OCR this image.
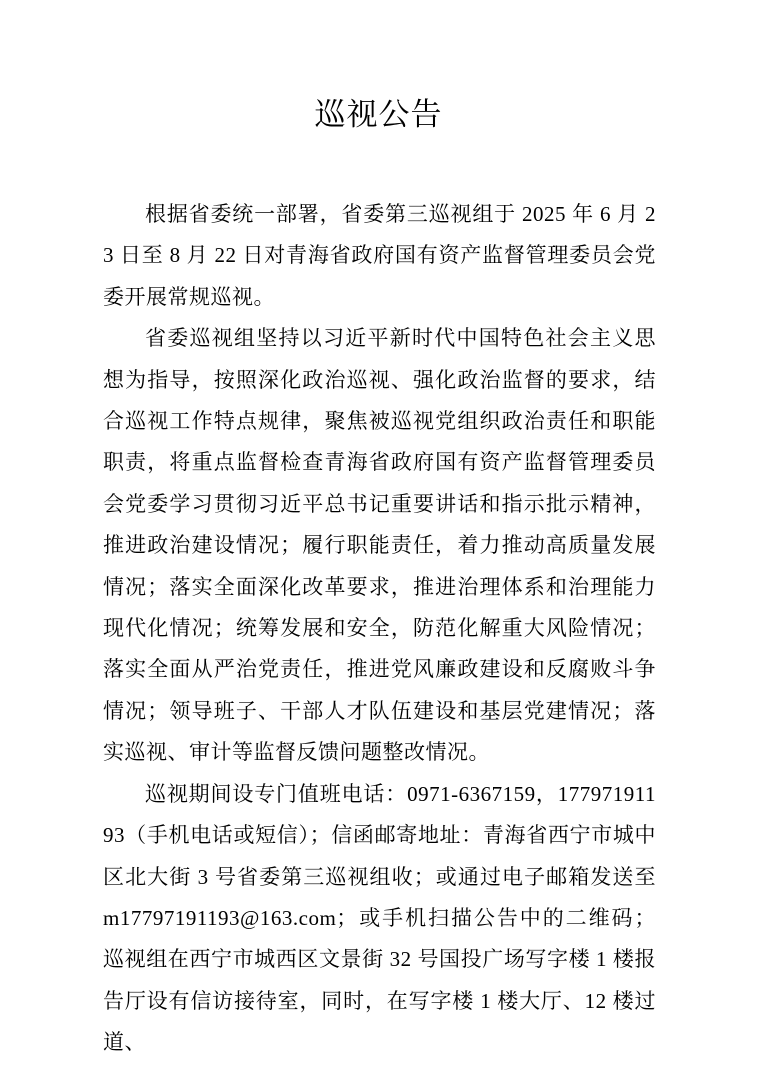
巡视公告

根据省委统一部署，省委第三巡视组于 2025 年 6 月 23 日至 8 月 22 日对青海省政府国有资产监督管理委员会党委开展常规巡视。

省委巡视组坚持以习近平新时代中国特色社会主义思想为指导，按照深化政治巡视、强化政治监督的要求，结合巡视工作特点规律，聚焦被巡视党组织政治责任和职能职责，将重点监督检查青海省政府国有资产监督管理委员会党委学习贯彻习近平总书记重要讲话和指示批示精神，推进政治建设情况；履行职能责任，着力推动高质量发展情况；落实全面深化改革要求，推进治理体系和治理能力现代化情况；统筹发展和安全，防范化解重大风险情况；落实全面从严治党责任，推进党风廉政建设和反腐败斗争情况；领导班子、干部人才队伍建设和基层党建情况；落实巡视、审计等监督反馈问题整改情况。

巡视期间设专门值班电话：0971-6367159，17797191193（手机电话或短信）；信函邮寄地址：青海省西宁市城中区北大街 3 号省委第三巡视组收；或通过电子邮箱发送至m17797191193@163.com；或手机扫描公告中的二维码；巡视组在西宁市城西区文景街 32 号国投广场写字楼 1 楼报告厅设有信访接待室，同时，在写字楼 1 楼大厅、12 楼过道、
